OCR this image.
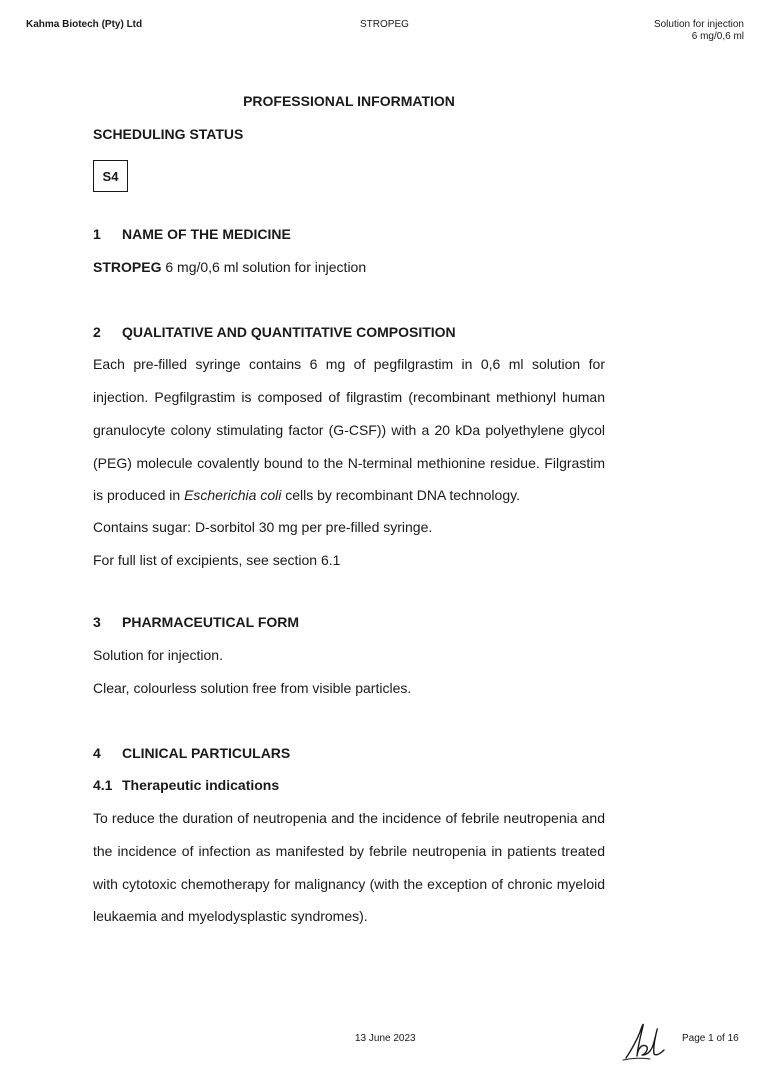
Kahma Biotech (Pty) Ltd	STROPEG	Solution for injection
6 mg/0,6 ml
PROFESSIONAL INFORMATION
SCHEDULING STATUS
S4
1 NAME OF THE MEDICINE
STROPEG 6 mg/0,6 ml solution for injection
2 QUALITATIVE AND QUANTITATIVE COMPOSITION
Each pre-filled syringe contains 6 mg of pegfilgrastim in 0,6 ml solution for
injection. Pegfilgrastim is composed of filgrastim (recombinant methionyl human
granulocyte colony stimulating factor (G-CSF)) with a 20 kDa polyethylene glycol
(PEG) molecule covalently bound to the N-terminal methionine residue. Filgrastim
is produced in Escherichia coli cells by recombinant DNA technology.
Contains sugar: D-sorbitol 30 mg per pre-filled syringe.
For full list of excipients, see section 6.1
3 PHARMACEUTICAL FORM
Solution for injection.
Clear, colourless solution free from visible particles.
4 CLINICAL PARTICULARS
4.1 Therapeutic indications
To reduce the duration of neutropenia and the incidence of febrile neutropenia and
the incidence of infection as manifested by febrile neutropenia in patients treated
with cytotoxic chemotherapy for malignancy (with the exception of chronic myeloid
leukaemia and myelodysplastic syndromes).
13 June 2023	Page 1 of 16
